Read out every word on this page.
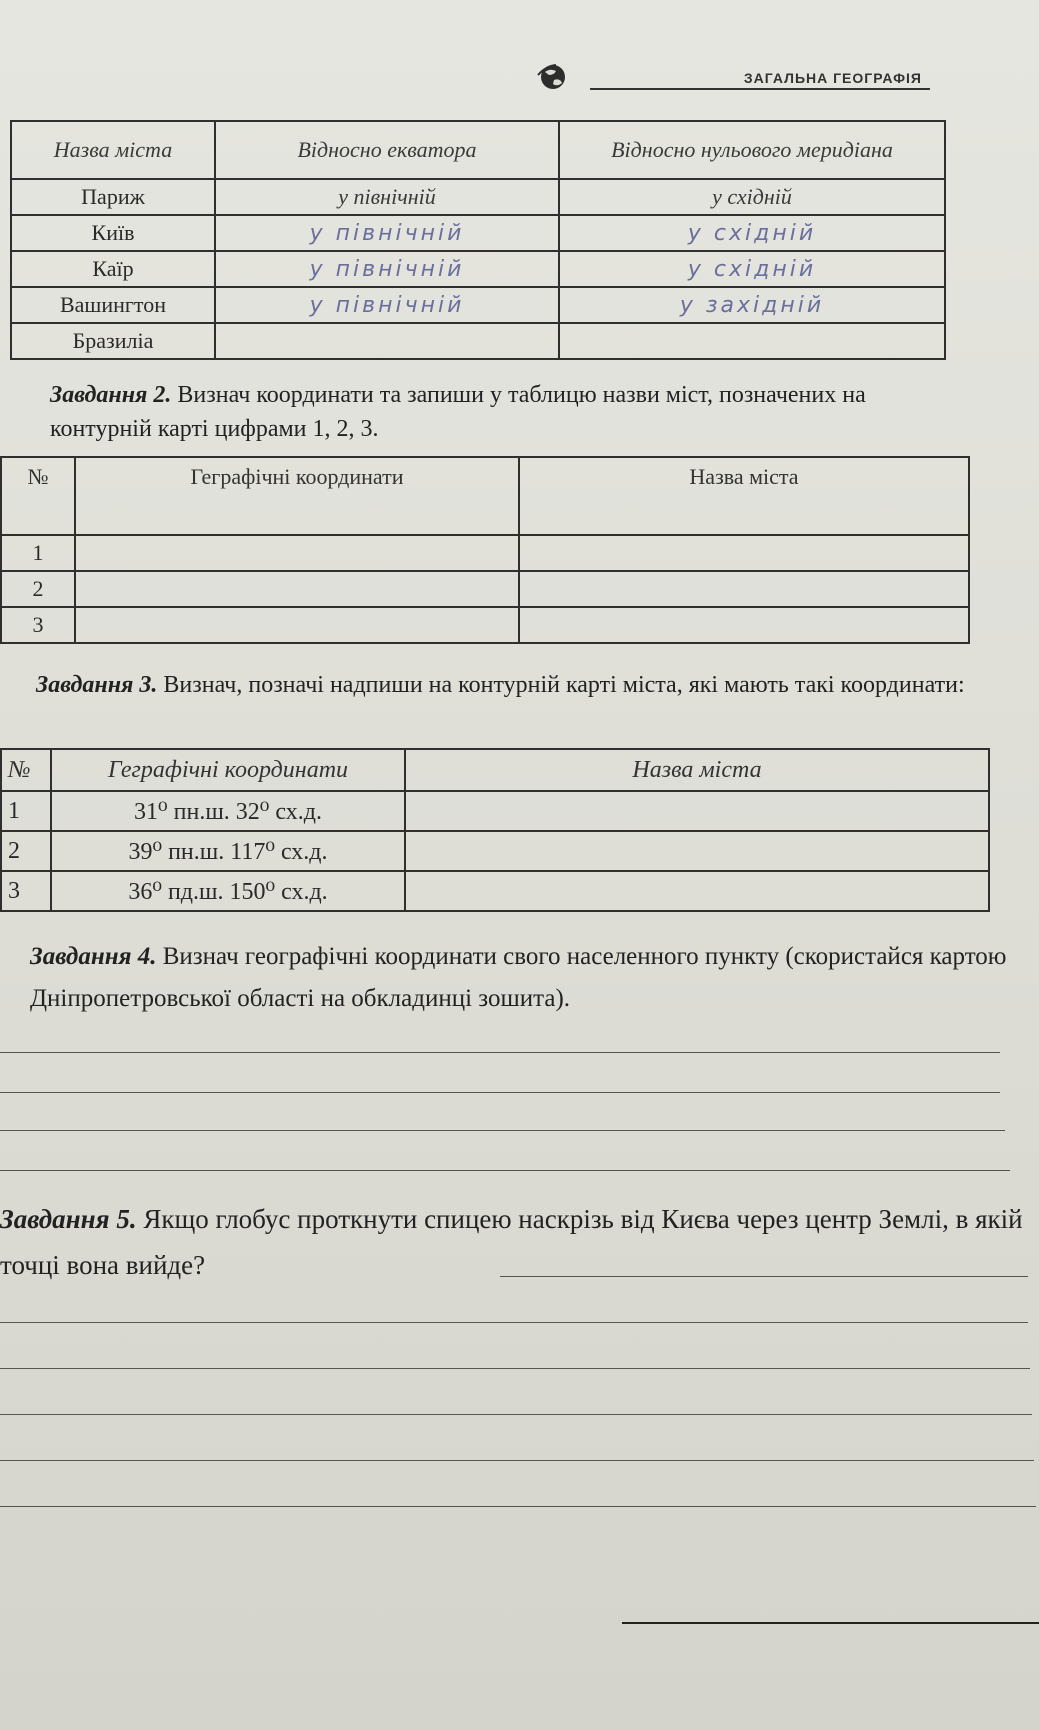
ЗАГАЛЬНА ГЕОГРАФІЯ
Назва міста	Відносно екватора	Відносно нульового меридіана
Париж	у північній	у східній
Київ	у північній	у східній
Каїр	у північній	у східній
Вашингтон	у північній	у західній
Бразиліа		
Завдання 2. Визнач координати та запиши у таблицю назви міст, позначених на контурній карті цифрами 1, 2, 3.
№	Геграфічні координати	Назва міста
1		
2		
3		
Завдання 3. Визнач, позначі надпиши на контурній карті міста, які мають такі координати:
№	Геграфічні координати	Назва міста
1	31⁰ пн.ш. 32⁰ сх.д.	
2	39⁰ пн.ш. 117⁰ сх.д.	
3	36⁰ пд.ш. 150⁰ сх.д.	
Завдання 4. Визнач географічні координати свого населенного пункту (скористайся картою Дніпропетровської області на обкладинці зошита).
Завдання 5. Якщо глобус проткнути спицею наскрізь від Києва через центр Землі, в якій точці вона вийде?
